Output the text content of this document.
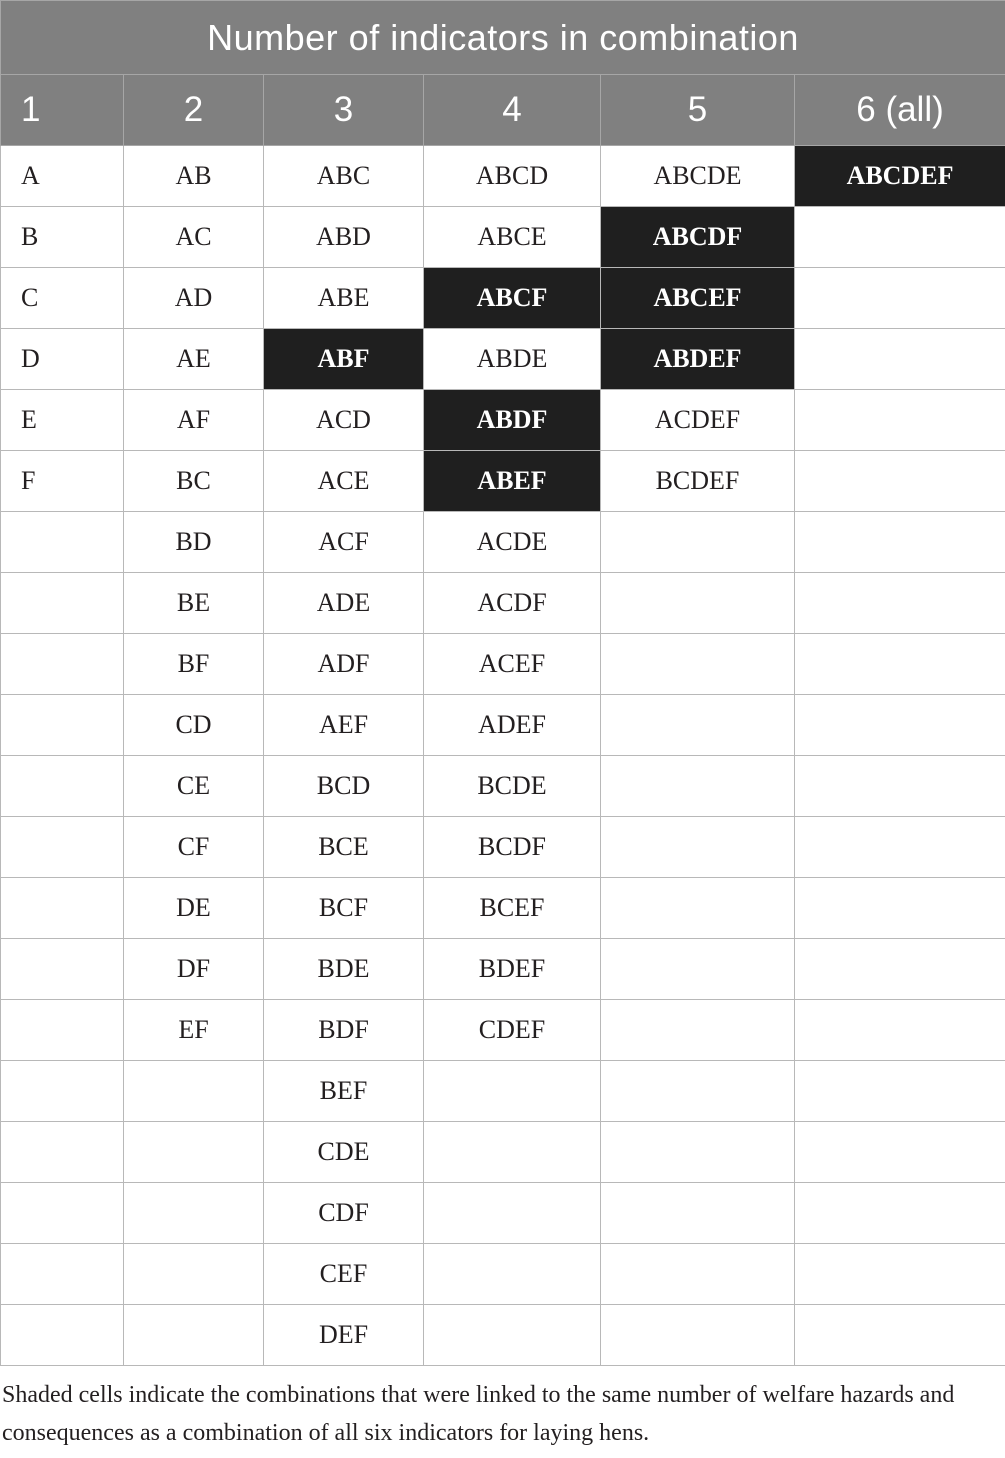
Number of indicators in combination					
1	2	3	4	5	6 (all)
A	AB	ABC	ABCD	ABCDE	ABCDEF
B	AC	ABD	ABCE	ABCDF	
C	AD	ABE	ABCF	ABCEF	
D	AE	ABF	ABDE	ABDEF	
E	AF	ACD	ABDF	ACDEF	
F	BC	ACE	ABEF	BCDEF	
	BD	ACF	ACDE		
	BE	ADE	ACDF		
	BF	ADF	ACEF		
	CD	AEF	ADEF		
	CE	BCD	BCDE		
	CF	BCE	BCDF		
	DE	BCF	BCEF		
	DF	BDE	BDEF		
	EF	BDF	CDEF		
		BEF			
		CDE			
		CDF			
		CEF			
		DEF			

Shaded cells indicate the combinations that were linked to the same number of welfare hazards and consequences as a combination of all six indicators for laying hens.
